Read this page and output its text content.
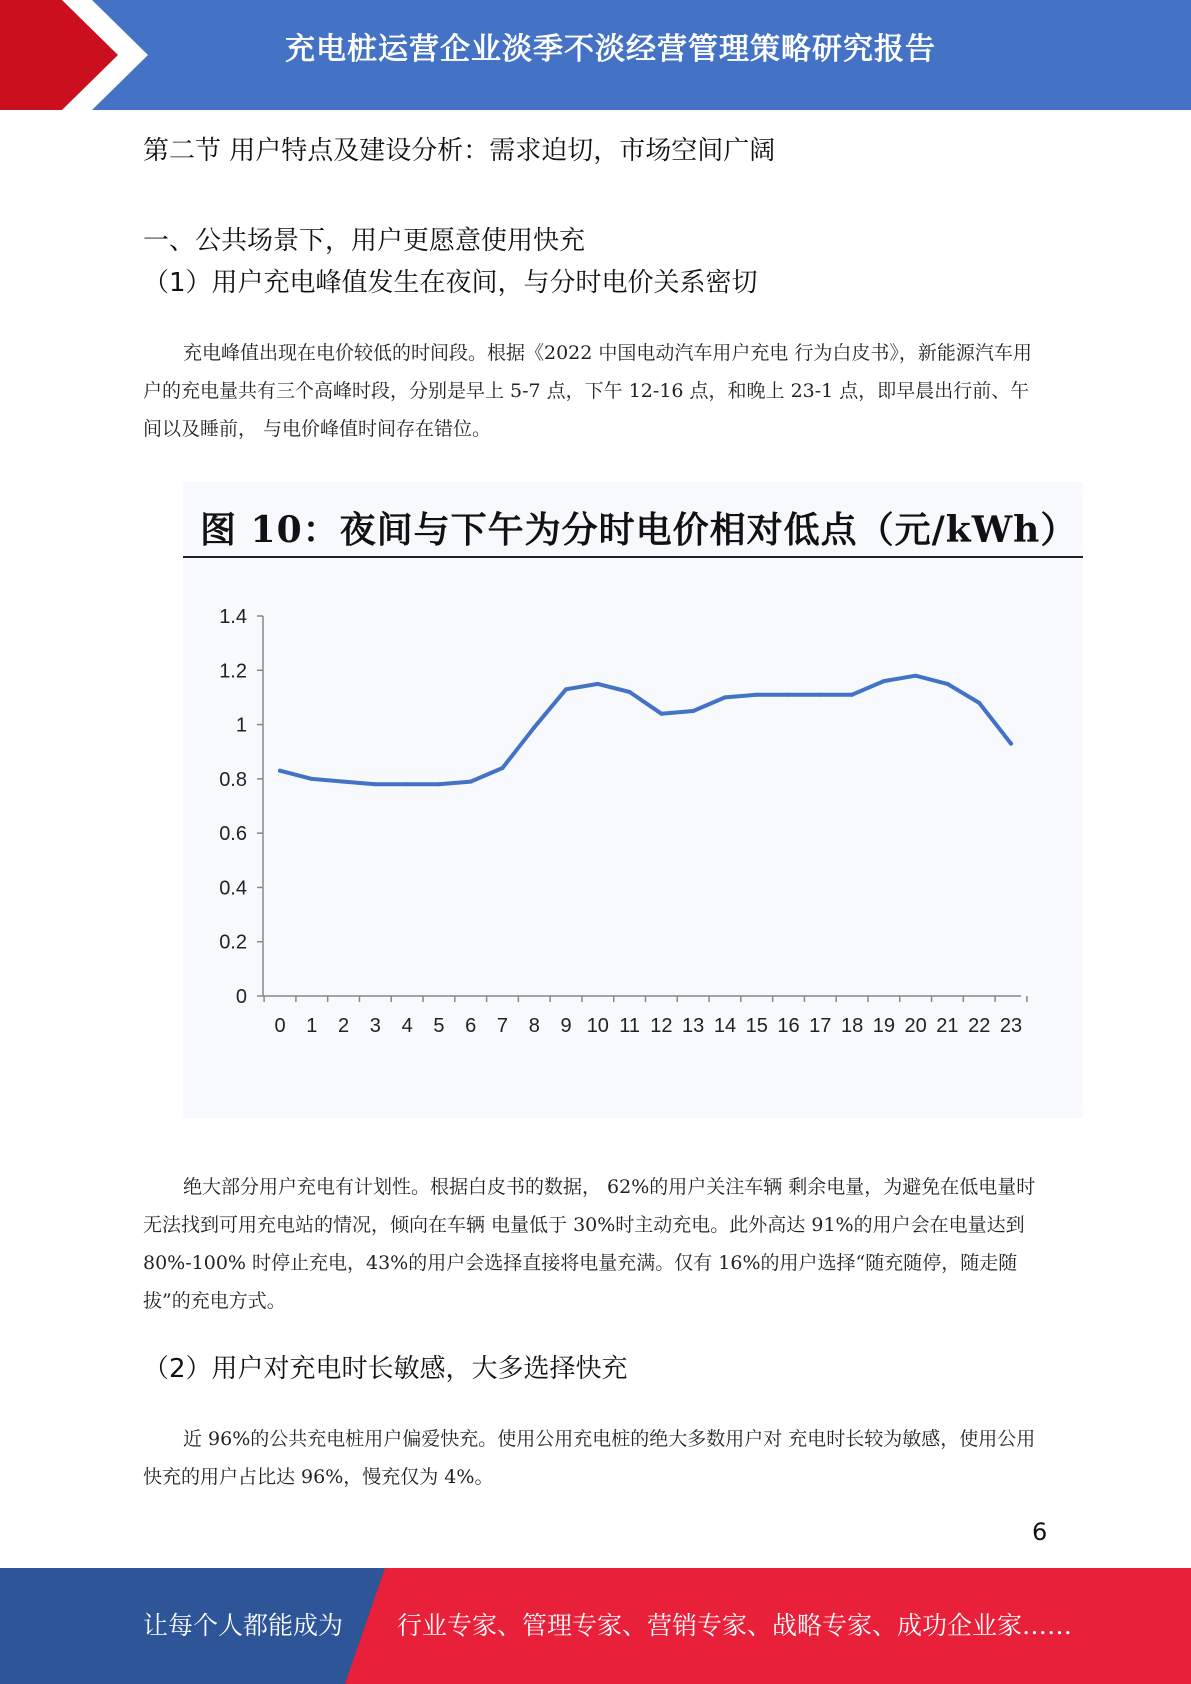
充电桩运营企业淡季不淡经营管理策略研究报告
第二节 用户特点及建设分析：需求迫切，市场空间广阔
一、公共场景下，用户更愿意使用快充
（1）用户充电峰值发生在夜间，与分时电价关系密切
充电峰值出现在电价较低的时间段。根据《2022 中国电动汽车用户充电 行为白皮书》，新能源汽车用户的充电量共有三个高峰时段，分别是早上 5-7 点，下午 12-16 点，和晚上 23-1 点，即早晨出行前、午间以及睡前， 与电价峰值时间存在错位。
图 10：夜间与下午为分时电价相对低点（元/kWh）
0
0.2
0.4
0.6
0.8
1
1.2
1.4
0 1 2 3 4 5 6 7 8 9 10 11 12 13 14 15 16 17 18 19 20 21 22 23
绝大部分用户充电有计划性。根据白皮书的数据， 62%的用户关注车辆 剩余电量，为避免在低电量时无法找到可用充电站的情况，倾向在车辆 电量低于 30%时主动充电。此外高达 91%的用户会在电量达到 80%-100% 时停止充电，43%的用户会选择直接将电量充满。仅有 16%的用户选择“随充随停，随走随拔”的充电方式。
（2）用户对充电时长敏感，大多选择快充
近 96%的公共充电桩用户偏爱快充。使用公用充电桩的绝大多数用户对 充电时长较为敏感，使用公用快充的用户占比达 96%，慢充仅为 4%。
6
让每个人都能成为 行业专家、管理专家、营销专家、战略专家、成功企业家……
